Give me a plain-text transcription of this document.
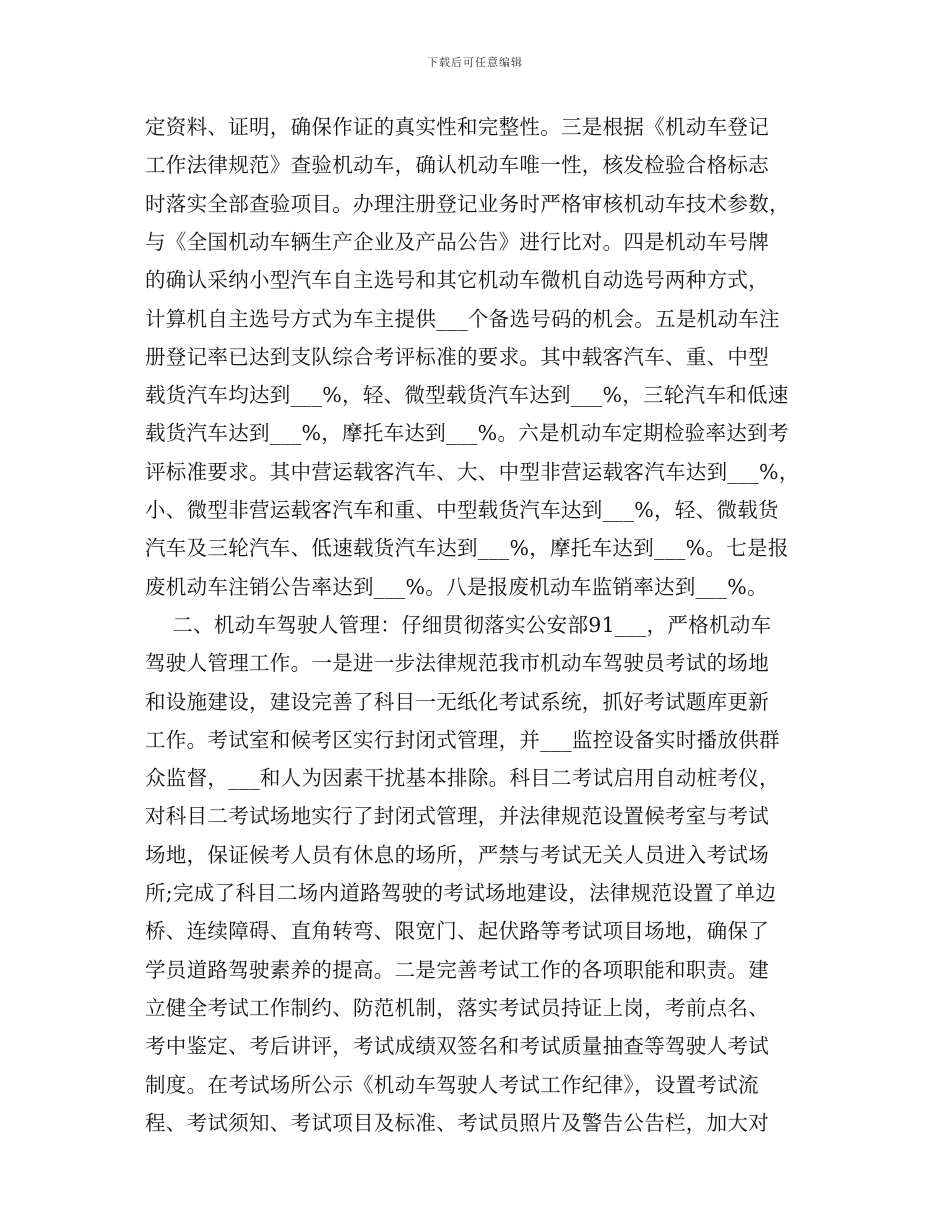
下载后可任意编辑
定资料、证明，确保作证的真实性和完整性。三是根据《机动车登记
工作法律规范》查验机动车，确认机动车唯一性，核发检验合格标志
时落实全部查验项目。办理注册登记业务时严格审核机动车技术参数，
与《全国机动车辆生产企业及产品公告》进行比对。四是机动车号牌
的确认采纳小型汽车自主选号和其它机动车微机自动选号两种方式，
计算机自主选号方式为车主提供___个备选号码的机会。五是机动车注
册登记率已达到支队综合考评标准的要求。其中载客汽车、重、中型
载货汽车均达到___%，轻、微型载货汽车达到___%，三轮汽车和低速
载货汽车达到___%，摩托车达到___%。六是机动车定期检验率达到考
评标准要求。其中营运载客汽车、大、中型非营运载客汽车达到___%，
小、微型非营运载客汽车和重、中型载货汽车达到___%，轻、微载货
汽车及三轮汽车、低速载货汽车达到___%，摩托车达到___%。七是报
废机动车注销公告率达到___%。八是报废机动车监销率达到___%。
二、机动车驾驶人管理：仔细贯彻落实公安部91___，严格机动车
驾驶人管理工作。一是进一步法律规范我市机动车驾驶员考试的场地
和设施建设，建设完善了科目一无纸化考试系统，抓好考试题库更新
工作。考试室和候考区实行封闭式管理，并___监控设备实时播放供群
众监督，___和人为因素干扰基本排除。科目二考试启用自动桩考仪，
对科目二考试场地实行了封闭式管理，并法律规范设置候考室与考试
场地，保证候考人员有休息的场所，严禁与考试无关人员进入考试场
所;完成了科目二场内道路驾驶的考试场地建设，法律规范设置了单边
桥、连续障碍、直角转弯、限宽门、起伏路等考试项目场地，确保了
学员道路驾驶素养的提高。二是完善考试工作的各项职能和职责。建
立健全考试工作制约、防范机制，落实考试员持证上岗，考前点名、
考中鉴定、考后讲评，考试成绩双签名和考试质量抽查等驾驶人考试
制度。在考试场所公示《机动车驾驶人考试工作纪律》，设置考试流
程、考试须知、考试项目及标准、考试员照片及警告公告栏，加大对
